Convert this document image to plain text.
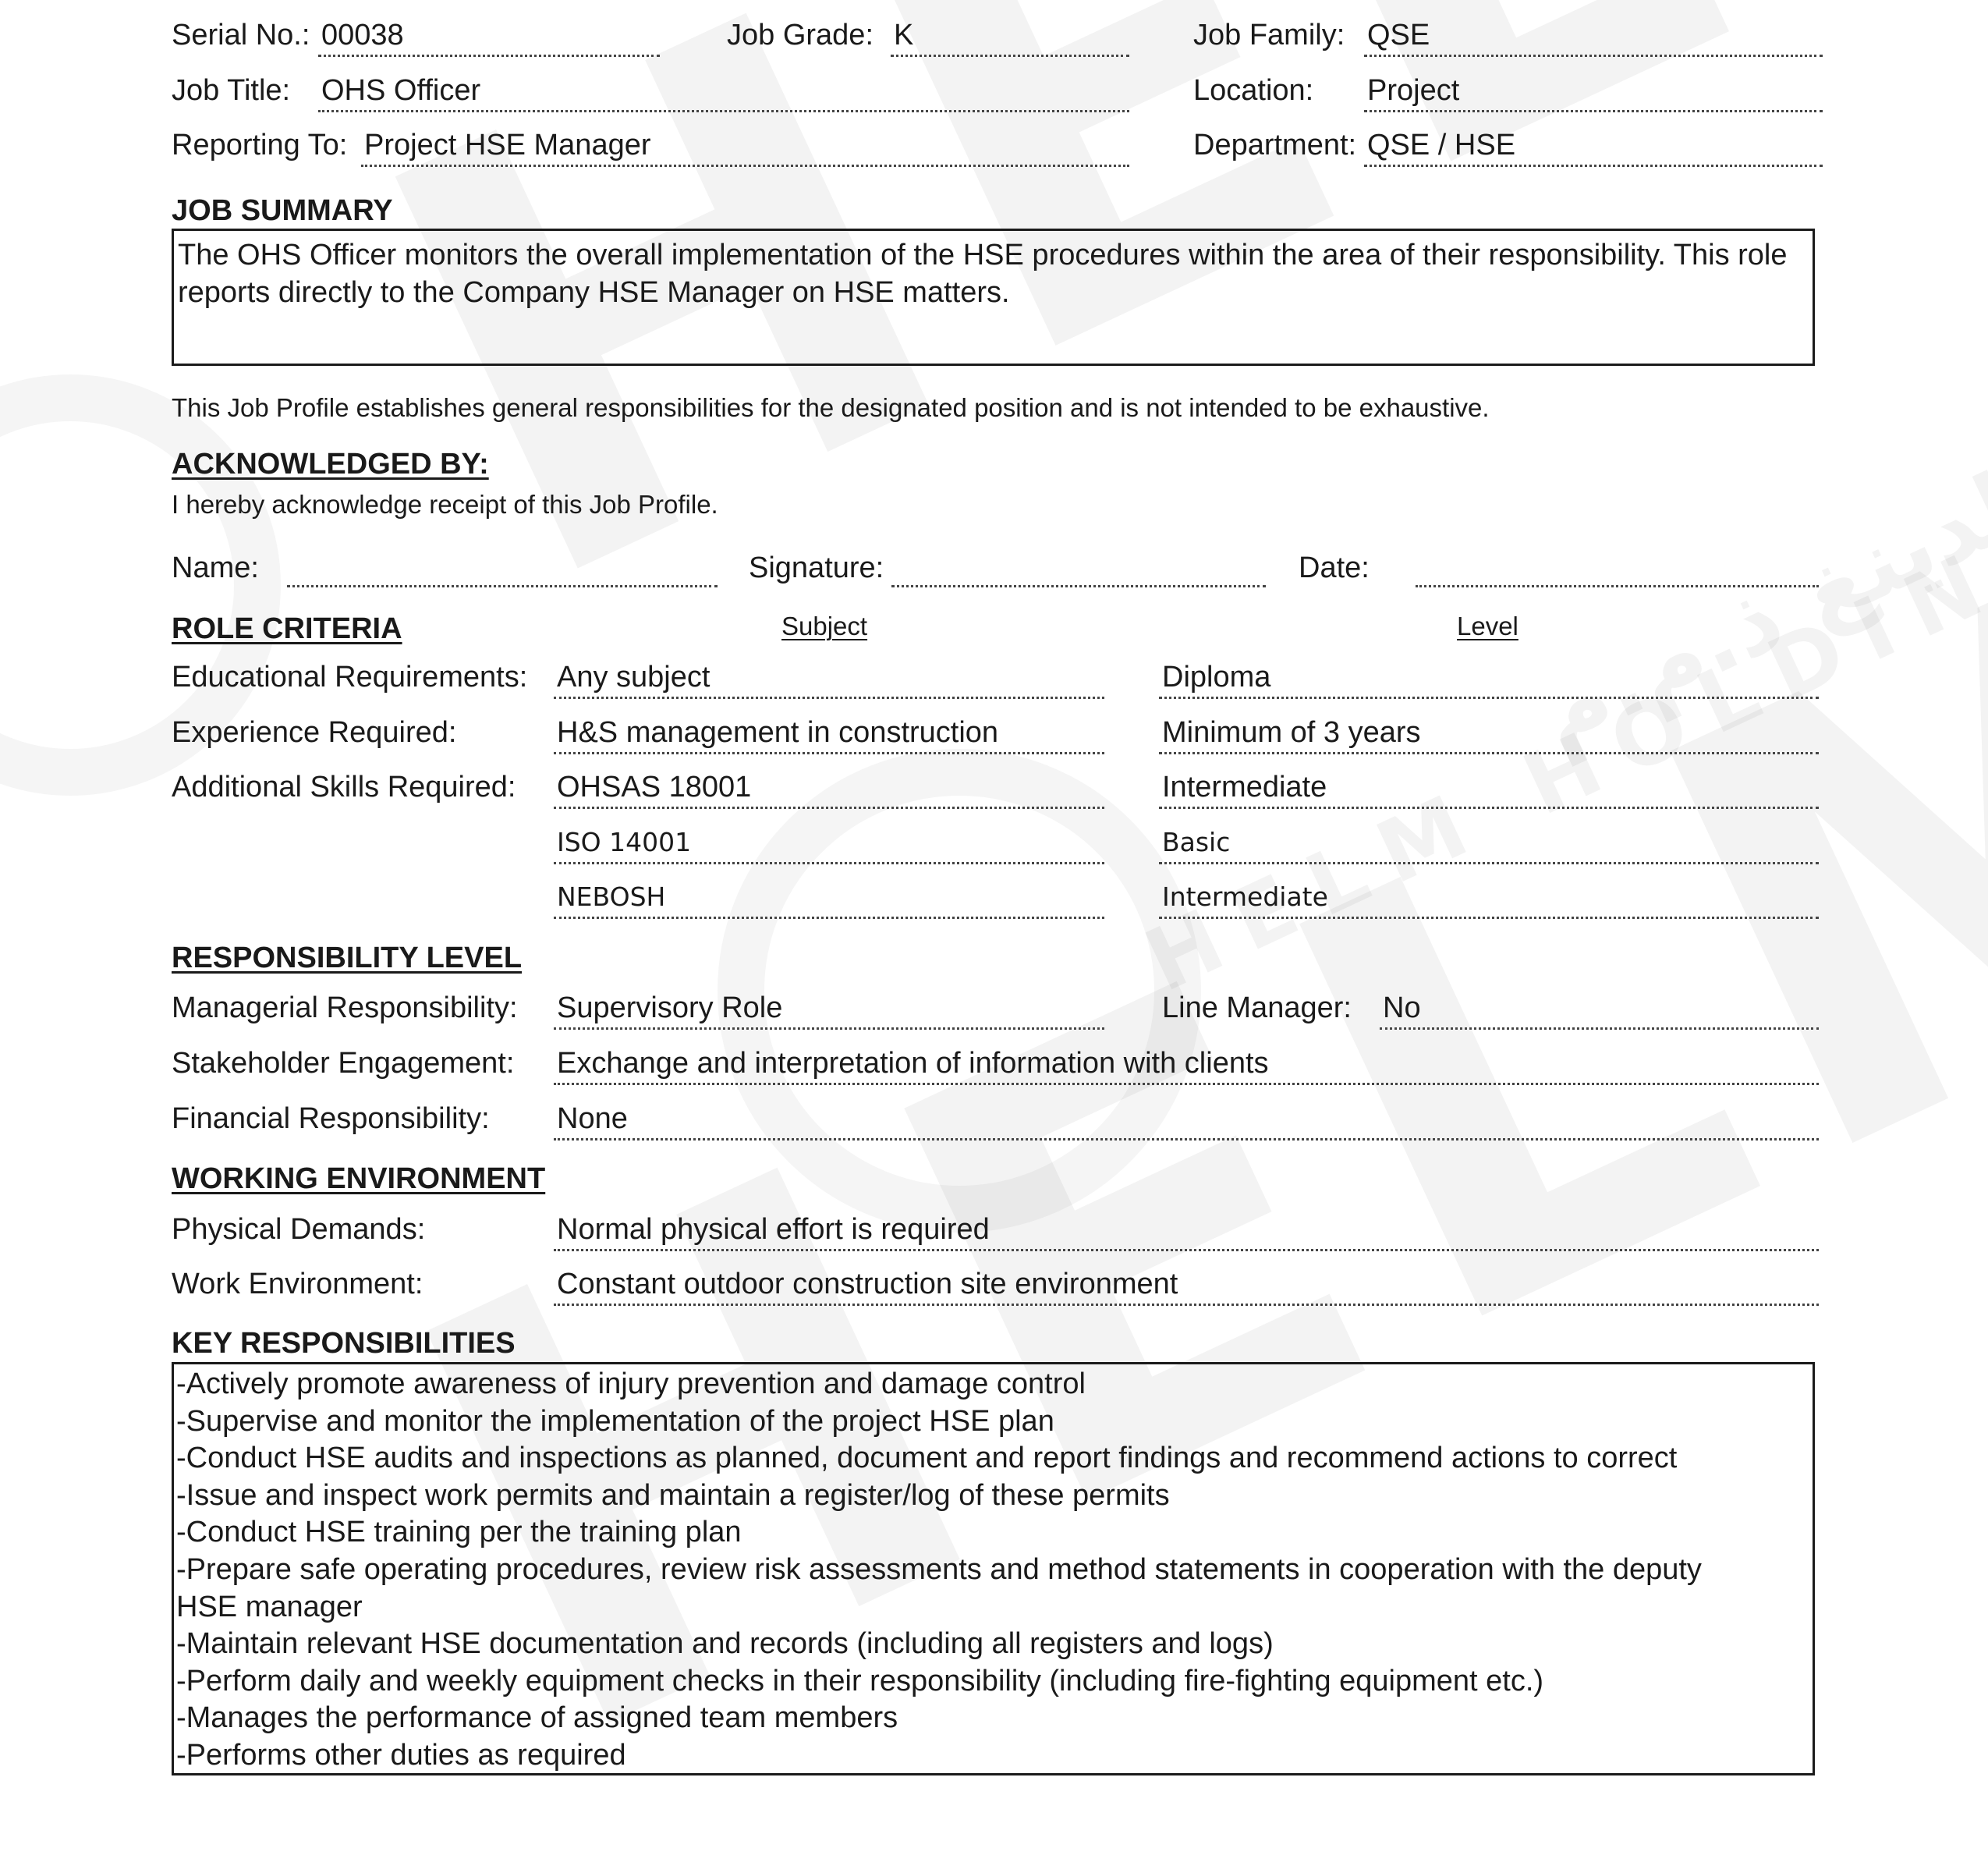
Serial No.: 00038	Job Grade: K	Job Family: QSE
Job Title: OHS Officer	Location: Project
Reporting To: Project HSE Manager	Department: QSE / HSE
JOB SUMMARY

The OHS Officer monitors the overall implementation of the HSE procedures within the area of their responsibility. This role reports directly to the Company HSE Manager on HSE matters.

This Job Profile establishes general responsibilities for the designated position and is not intended to be exhaustive.
ACKNOWLEDGED BY:
I hereby acknowledge receipt of this Job Profile.
Name:	Signature:	Date:
ROLE CRITERIA	Subject	Level
Educational Requirements: Any subject	Diploma
Experience Required:	H&S management in construction	Minimum of 3 years
Additional Skills Required: OHSAS 18001	Intermediate
ISO 14001	Basic
NEBOSH	Intermediate
RESPONSIBILITY LEVEL
Managerial Responsibility: Supervisory Role	Line Manager: No
Stakeholder Engagement: Exchange and interpretation of information with clients
Financial Responsibility: None
WORKING ENVIRONMENT
Physical Demands:	Normal physical effort is required
Work Environment:	Constant outdoor construction site environment
KEY RESPONSIBILITIES

-Actively promote awareness of injury prevention and damage control

-Supervise and monitor the implementation of the project HSE plan

-Conduct HSE audits and inspections as planned, document and report findings and recommend actions to correct

-Issue and inspect work permits and maintain a register/log of these permits

-Conduct HSE training per the training plan

-Prepare safe operating procedures, review risk assessments and method statements in cooperation with the deputy

HSE manager

-Maintain relevant HSE documentation and records (including all registers and logs)

-Perform daily and weekly equipment checks in their responsibility (including fire-fighting equipment etc.)

-Manages the performance of assigned team members

-Performs other duties as required
